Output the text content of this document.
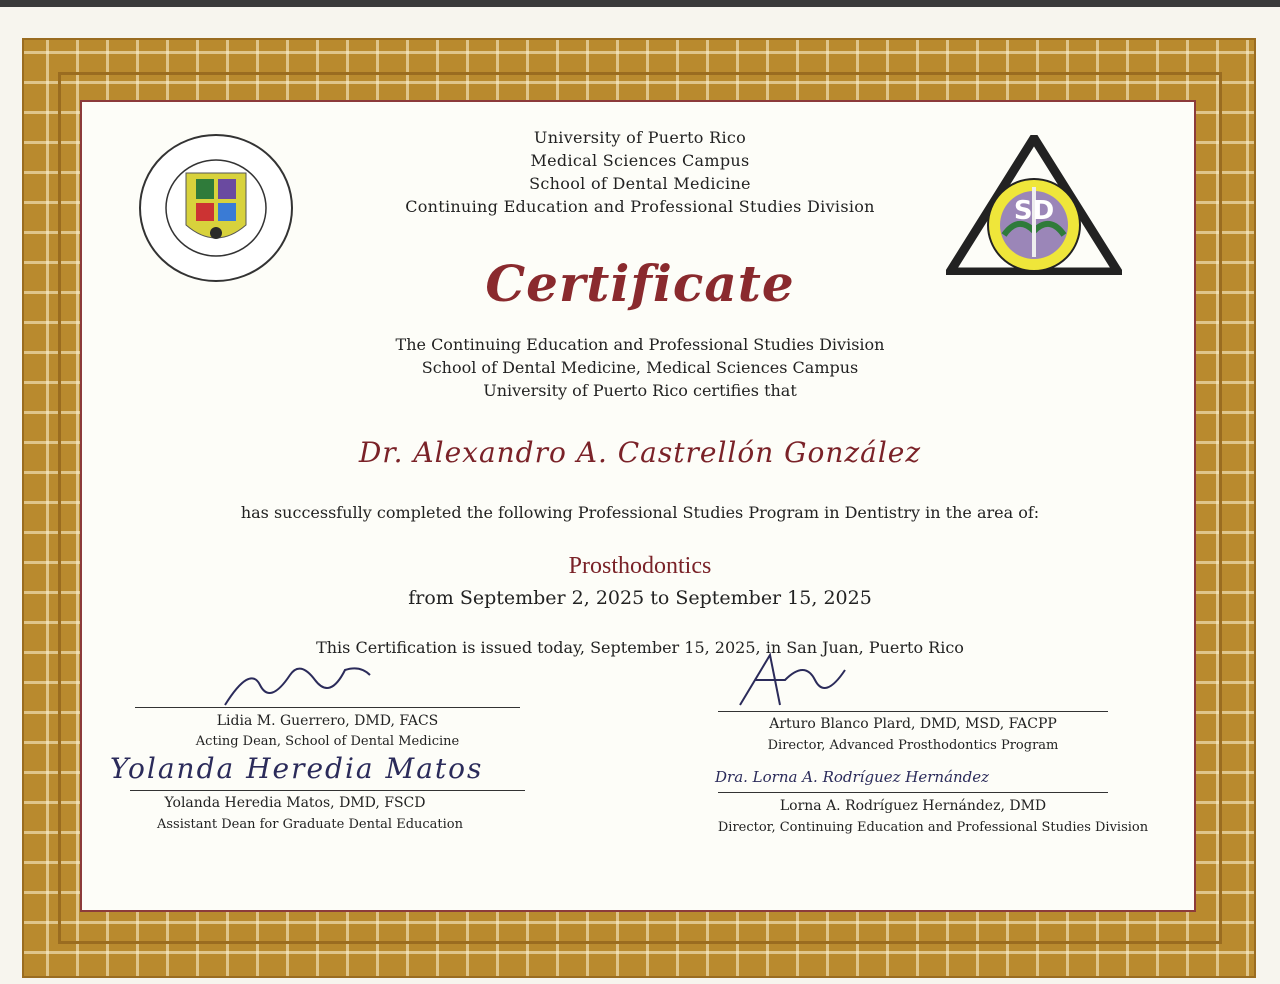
SD
University of Puerto Rico
Medical Sciences Campus
School of Dental Medicine
Continuing Education and Professional Studies Division
Certificate
The Continuing Education and Professional Studies Division
School of Dental Medicine, Medical Sciences Campus
University of Puerto Rico certifies that
Dr. Alexandro A. Castrellón González
has successfully completed the following Professional Studies Program in Dentistry in the area of:
Prosthodontics
from September 2, 2025 to September 15, 2025
This Certification is issued today, September 15, 2025, in San Juan, Puerto Rico
Lidia M. Guerrero, DMD, FACS
Acting Dean, School of Dental Medicine
Arturo Blanco Plard, DMD, MSD, FACPP
Director, Advanced Prosthodontics Program
Yolanda Heredia Matos
Yolanda Heredia Matos, DMD, FSCD
Assistant Dean for Graduate Dental Education
Dra. Lorna A. Rodríguez Hernández
Lorna A. Rodríguez Hernández, DMD
Director, Continuing Education and Professional Studies Division
